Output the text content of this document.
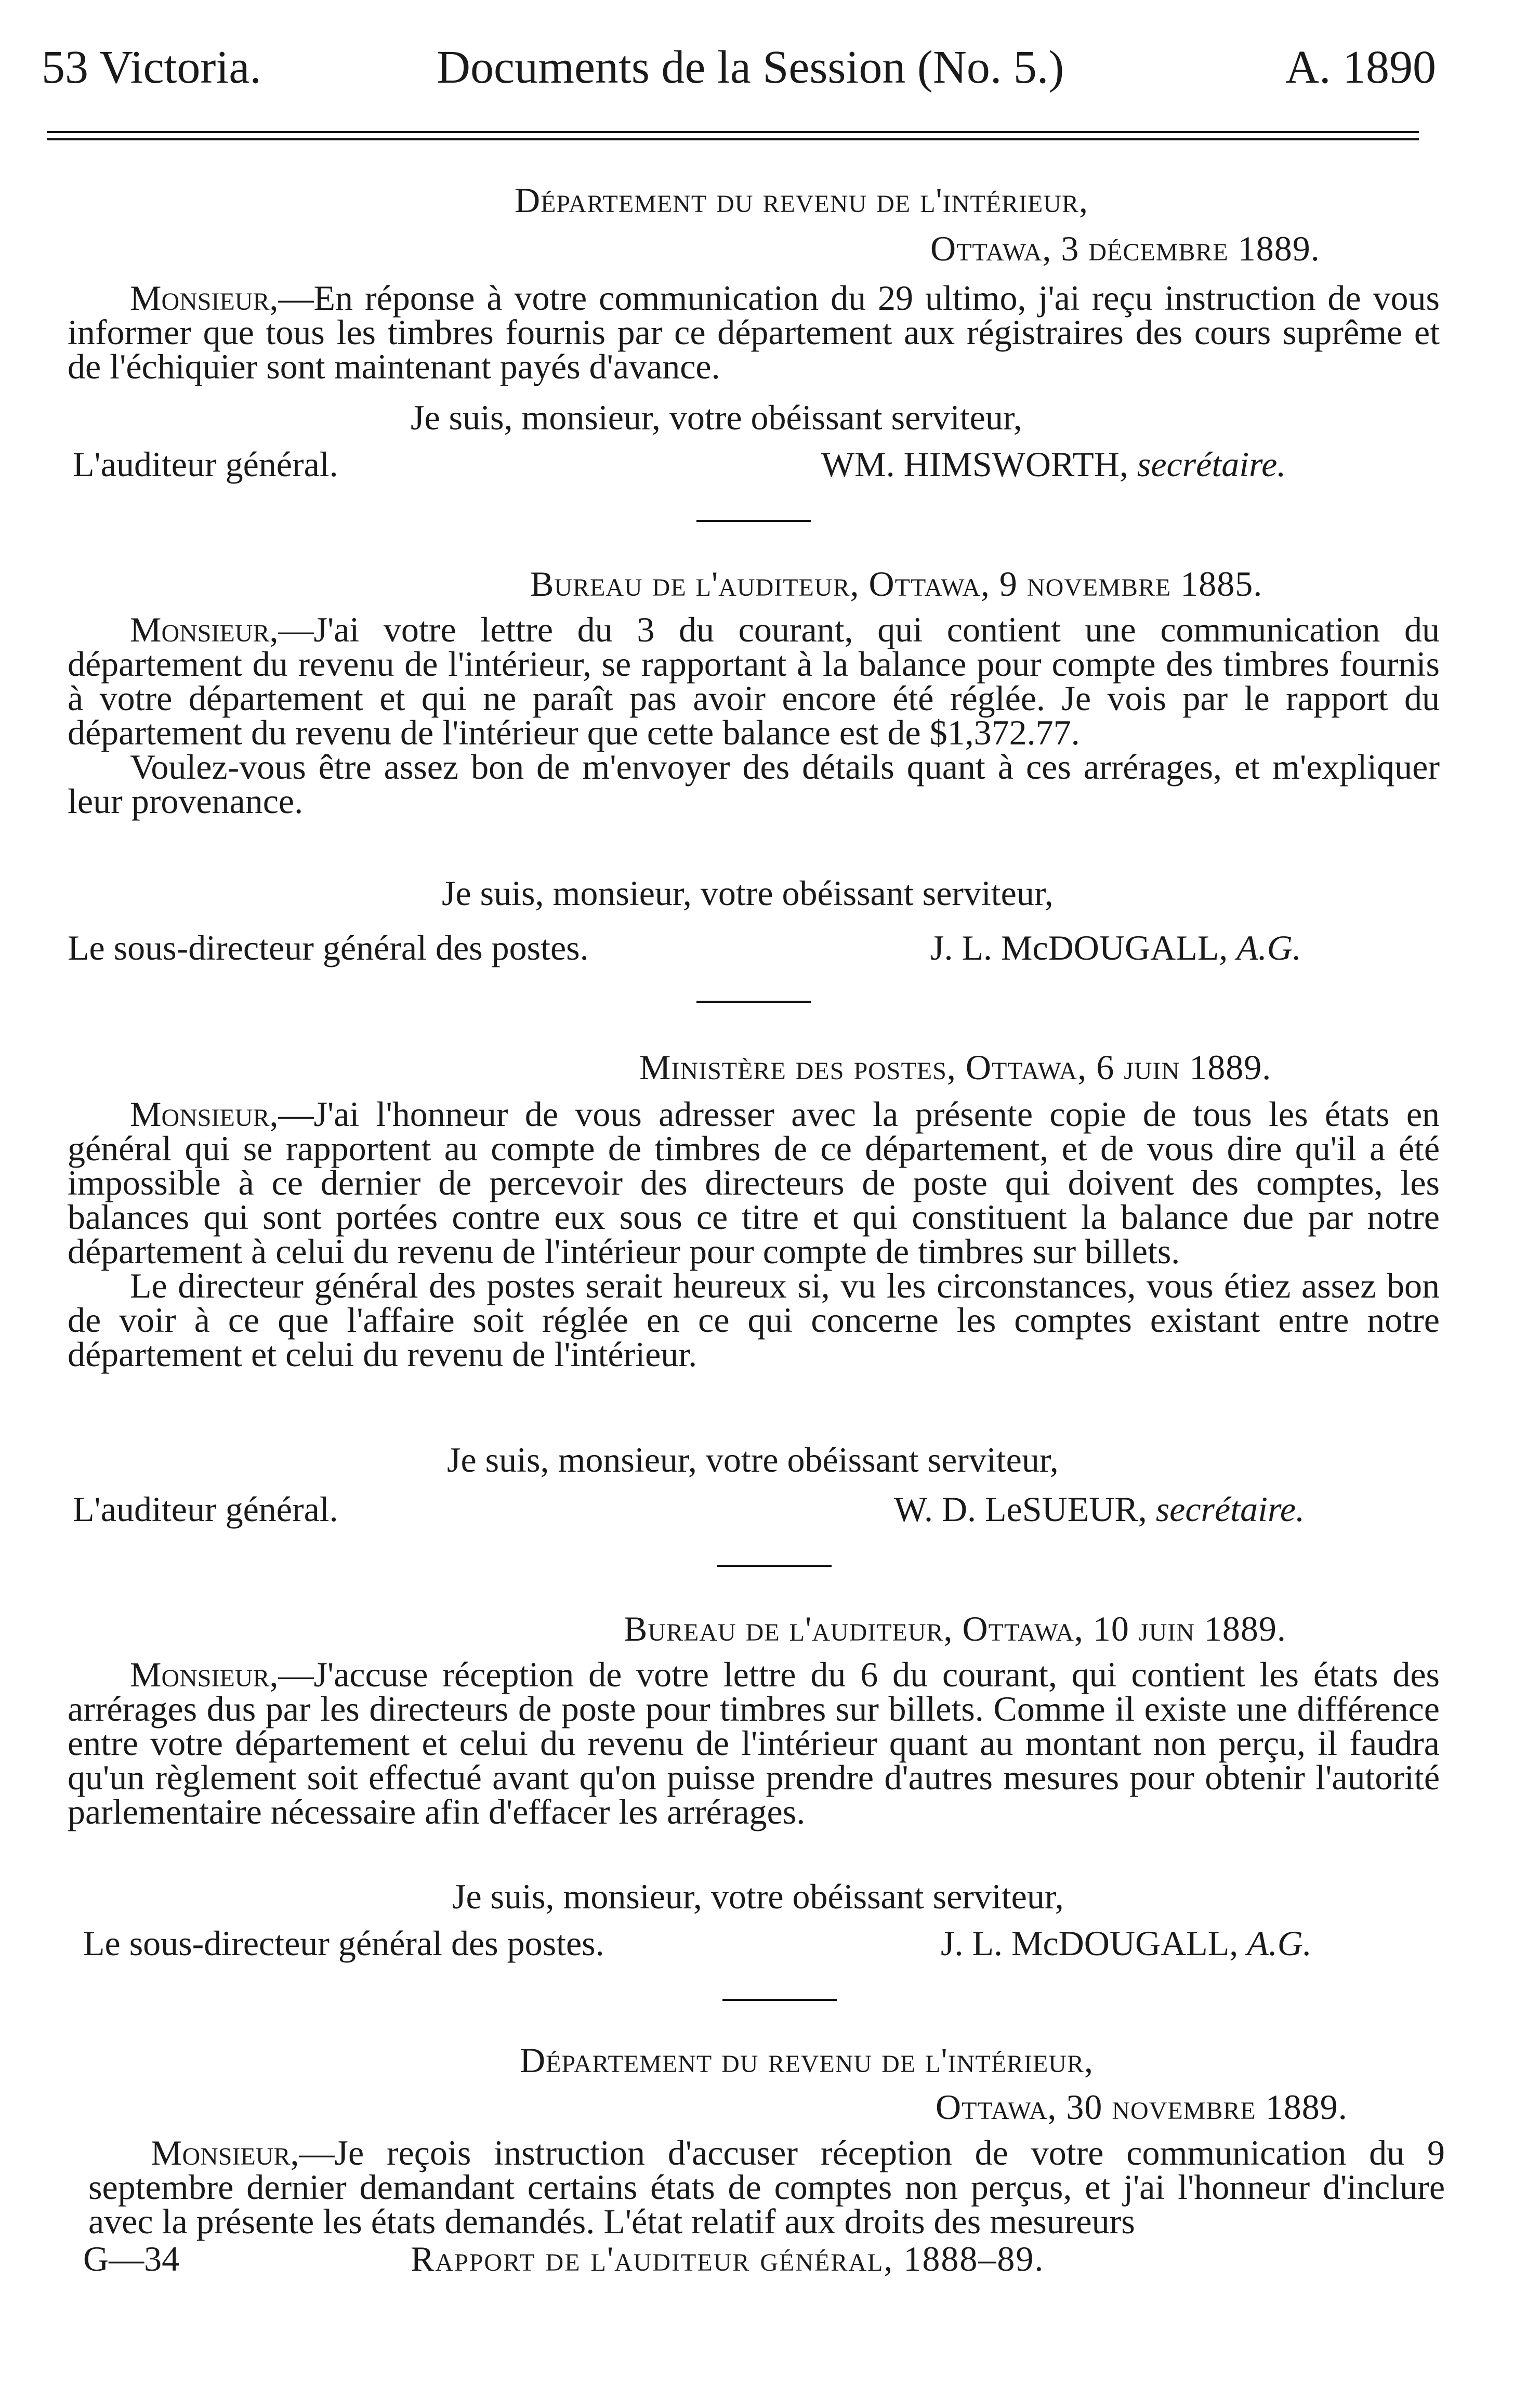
53 Victoria.	Documents de la Session (No. 5.)	A. 1890
Département du revenu de l'intérieur,
Ottawa, 3 décembre 1889.

Monsieur,—En réponse à votre communication du 29 ultimo, j'ai reçu instruction de vous informer que tous les timbres fournis par ce département aux régistraires des cours suprême et de l'échiquier sont maintenant payés d'avance.

Je suis, monsieur, votre obéissant serviteur,
L'auditeur général.	WM. HIMSWORTH, secrétaire.
Bureau de l'auditeur, Ottawa, 9 novembre 1885.

Monsieur,—J'ai votre lettre du 3 du courant, qui contient une communication du département du revenu de l'intérieur, se rapportant à la balance pour compte des timbres fournis à votre département et qui ne paraît pas avoir encore été réglée. Je vois par le rapport du département du revenu de l'intérieur que cette balance est de $1,372.77.

Voulez-vous être assez bon de m'envoyer des détails quant à ces arrérages, et m'expliquer leur provenance.

Je suis, monsieur, votre obéissant serviteur,
Le sous-directeur général des postes.	J. L. McDOUGALL, A.G.
Ministère des postes, Ottawa, 6 juin 1889.

Monsieur,—J'ai l'honneur de vous adresser avec la présente copie de tous les états en général qui se rapportent au compte de timbres de ce département, et de vous dire qu'il a été impossible à ce dernier de percevoir des directeurs de poste qui doivent des comptes, les balances qui sont portées contre eux sous ce titre et qui constituent la balance due par notre département à celui du revenu de l'intérieur pour compte de timbres sur billets.

Le directeur général des postes serait heureux si, vu les circonstances, vous étiez assez bon de voir à ce que l'affaire soit réglée en ce qui concerne les comptes existant entre notre département et celui du revenu de l'intérieur.

Je suis, monsieur, votre obéissant serviteur,
L'auditeur général.	W. D. LeSUEUR, secrétaire.
Bureau de l'auditeur, Ottawa, 10 juin 1889.

Monsieur,—J'accuse réception de votre lettre du 6 du courant, qui contient les états des arrérages dus par les directeurs de poste pour timbres sur billets. Comme il existe une différence entre votre département et celui du revenu de l'intérieur quant au montant non perçu, il faudra qu'un règlement soit effectué avant qu'on puisse prendre d'autres mesures pour obtenir l'autorité parlementaire nécessaire afin d'effacer les arrérages.

Je suis, monsieur, votre obéissant serviteur,
Le sous-directeur général des postes.	J. L. McDOUGALL, A.G.
Département du revenu de l'intérieur,
Ottawa, 30 novembre 1889.

Monsieur,—Je reçois instruction d'accuser réception de votre communication du 9 septembre dernier demandant certains états de comptes non perçus, et j'ai l'honneur d'inclure avec la présente les états demandés. L'état relatif aux droits des mesureurs

G—34	Rapport de l'auditeur général, 1888–89.
